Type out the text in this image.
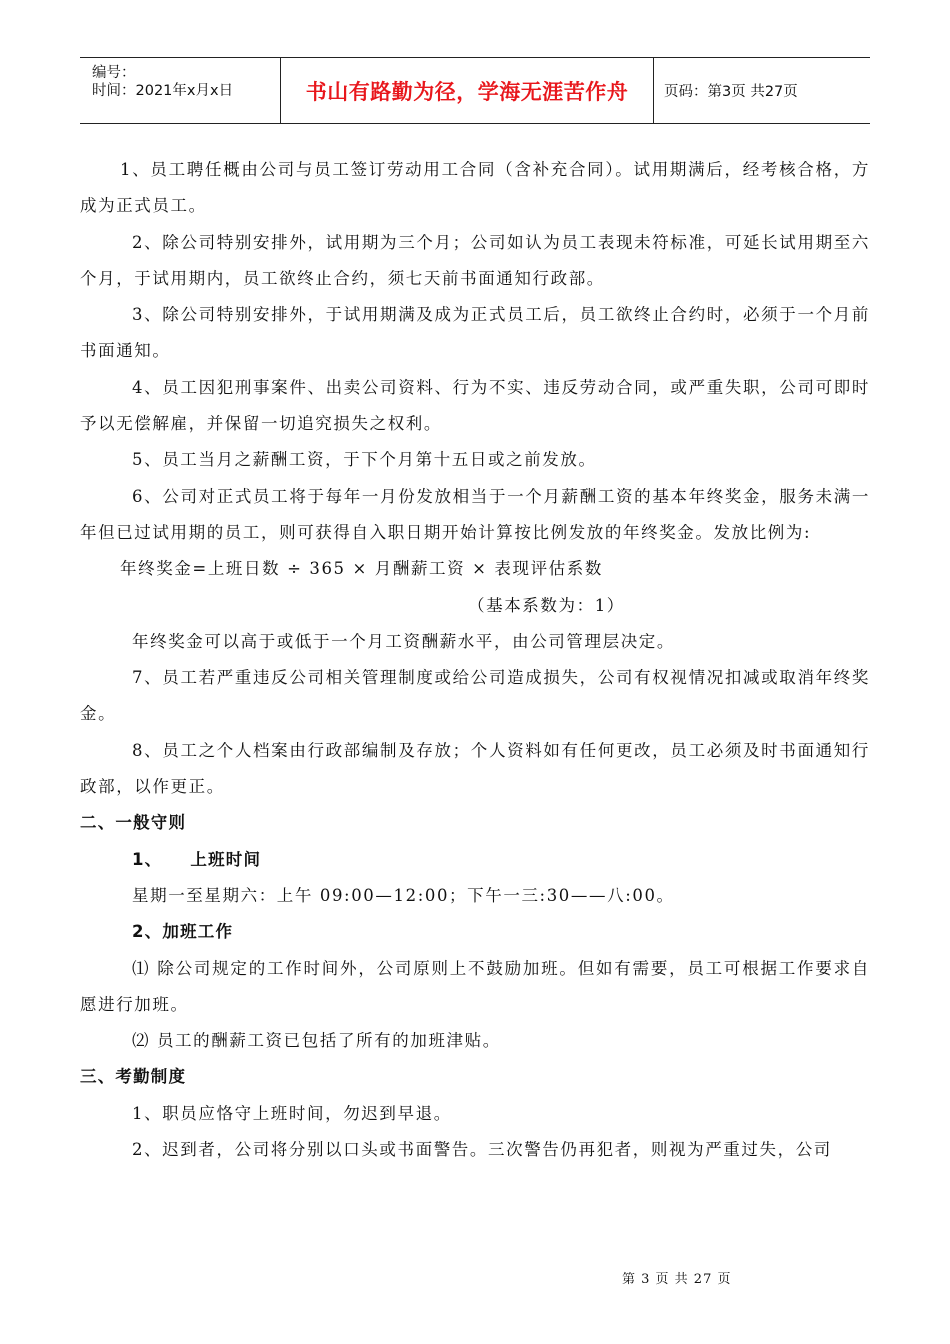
编号：
时间：2021年x月x日	书山有路勤为径，学海无涯苦作舟	页码：第3页 共27页

1、员工聘任概由公司与员工签订劳动用工合同（含补充合同）。试用期满后，经考核合格，方成为正式员工。

2、除公司特别安排外，试用期为三个月；公司如认为员工表现未符标准，可延长试用期至六个月，于试用期内，员工欲终止合约，须七天前书面通知行政部。

3、除公司特别安排外，于试用期满及成为正式员工后，员工欲终止合约时，必须于一个月前书面通知。

4、员工因犯刑事案件、出卖公司资料、行为不实、违反劳动合同，或严重失职，公司可即时予以无偿解雇，并保留一切追究损失之权利。

5、员工当月之薪酬工资，于下个月第十五日或之前发放。

6、公司对正式员工将于每年一月份发放相当于一个月薪酬工资的基本年终奖金，服务未满一年但已过试用期的员工，则可获得自入职日期开始计算按比例发放的年终奖金。发放比例为:

年终奖金=上班日数 ÷ 365 × 月酬薪工资 × 表现评估系数

（基本系数为：1）

年终奖金可以高于或低于一个月工资酬薪水平，由公司管理层决定。

7、员工若严重违反公司相关管理制度或给公司造成损失，公司有权视情况扣减或取消年终奖金。

8、员工之个人档案由行政部编制及存放；个人资料如有任何更改，员工必须及时书面通知行政部，以作更正。

二、一般守则

1、 上班时间

星期一至星期六：上午 09:00—12:00；下午一三:30——八:00。

2、加班工作

⑴ 除公司规定的工作时间外，公司原则上不鼓励加班。但如有需要，员工可根据工作要求自愿进行加班。

⑵ 员工的酬薪工资已包括了所有的加班津贴。

三、考勤制度

1、职员应恪守上班时间，勿迟到早退。

2、迟到者，公司将分别以口头或书面警告。三次警告仍再犯者，则视为严重过失，公司

第 3 页 共 27 页
